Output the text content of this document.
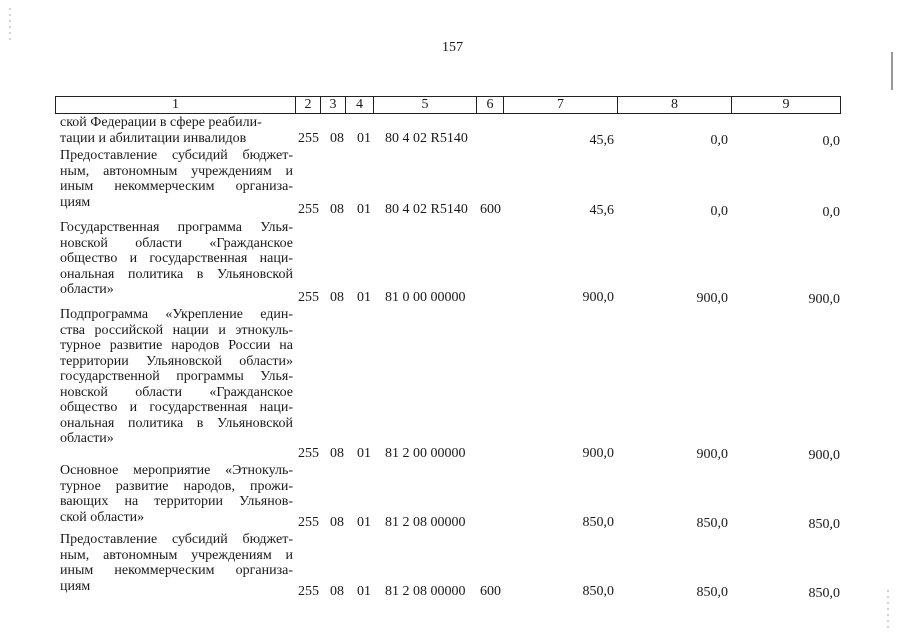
157
1	2	3	4	5	6	7	8	9
ской Федерации в сфере реабили-
тации и абилитации инвалидов	255 08 01	80 4 02 R5140	45,6	0,0	0,0
Предоставление субсидий бюджет-
ным, автономным учреждениям и
иным некоммерческим организа-
циям	255 08 01	80 4 02 R5140 600	45,6	0,0	0,0
Государственная программа Улья-
новской области «Гражданское
общество и государственная наци-
ональная политика в Ульяновской
области»
255 08 01	81 0 00 00000	900,0	900,0	900,0
Подпрограмма «Укрепление един-
ства российской нации и этнокуль-
турное развитие народов России на
территории Ульяновской области»
государственной программы Улья-
новской области «Гражданское
общество и государственная наци-
ональная политика в Ульяновской
области»
255 08 01	81 2 00 00000	900,0	900,0	900,0
Основное мероприятие «Этнокуль-
турное развитие народов, прожи-
вающих на территории Ульянов-
ской области»	255 08 01	81 2 08 00000	850,0	850,0	850,0
Предоставление субсидий бюджет-
ным, автономным учреждениям и
иным некоммерческим организа-
циям	255 08 01	81 2 08 00000	600	850,0	850,0	850,0
